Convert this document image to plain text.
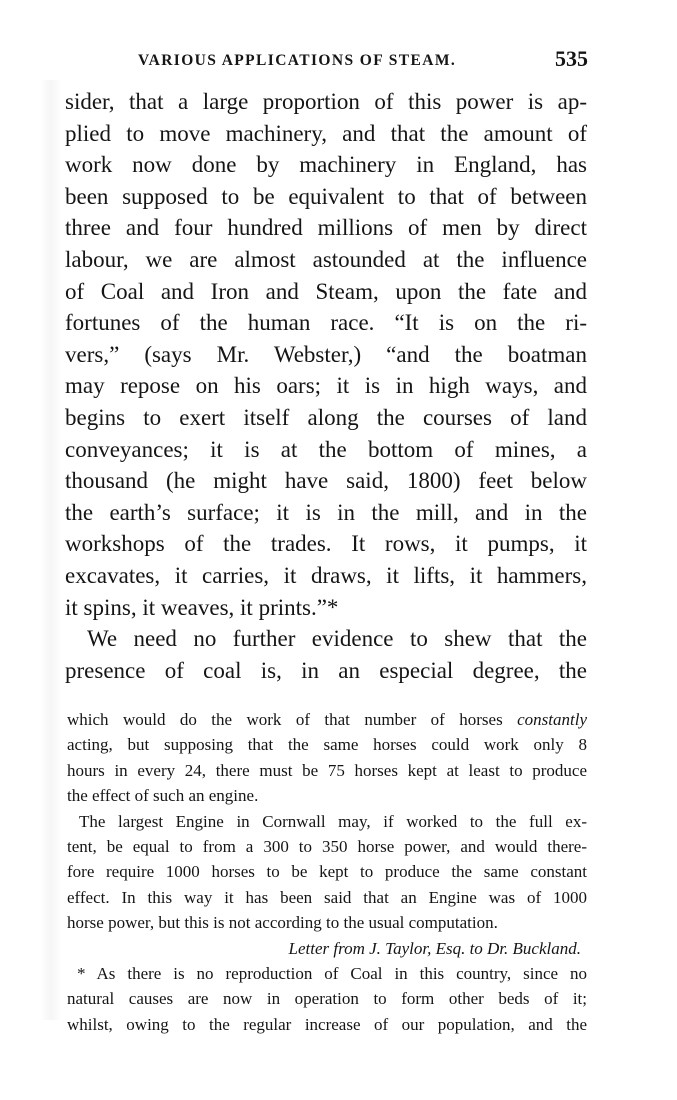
VARIOUS APPLICATIONS OF STEAM.	535
sider, that a large proportion of this power is ap-
plied to move machinery, and that the amount of
work now done by machinery in England, has
been supposed to be equivalent to that of between
three and four hundred millions of men by direct
labour, we are almost astounded at the influence
of Coal and Iron and Steam, upon the fate and
fortunes of the human race. “It is on the ri-
vers,” (says Mr. Webster,) “and the boatman
may repose on his oars; it is in high ways, and
begins to exert itself along the courses of land
conveyances; it is at the bottom of mines, a
thousand (he might have said, 1800) feet below
the earth’s surface; it is in the mill, and in the
workshops of the trades. It rows, it pumps, it
excavates, it carries, it draws, it lifts, it hammers,
it spins, it weaves, it prints.”*
We need no further evidence to shew that the
presence of coal is, in an especial degree, the
which would do the work of that number of horses constantly
acting, but supposing that the same horses could work only 8
hours in every 24, there must be 75 horses kept at least to produce
the effect of such an engine.
The largest Engine in Cornwall may, if worked to the full ex-
tent, be equal to from a 300 to 350 horse power, and would there-
fore require 1000 horses to be kept to produce the same constant
effect. In this way it has been said that an Engine was of 1000
horse power, but this is not according to the usual computation.
Letter from J. Taylor, Esq. to Dr. Buckland.
* As there is no reproduction of Coal in this country, since no
natural causes are now in operation to form other beds of it;
whilst, owing to the regular increase of our population, and the
